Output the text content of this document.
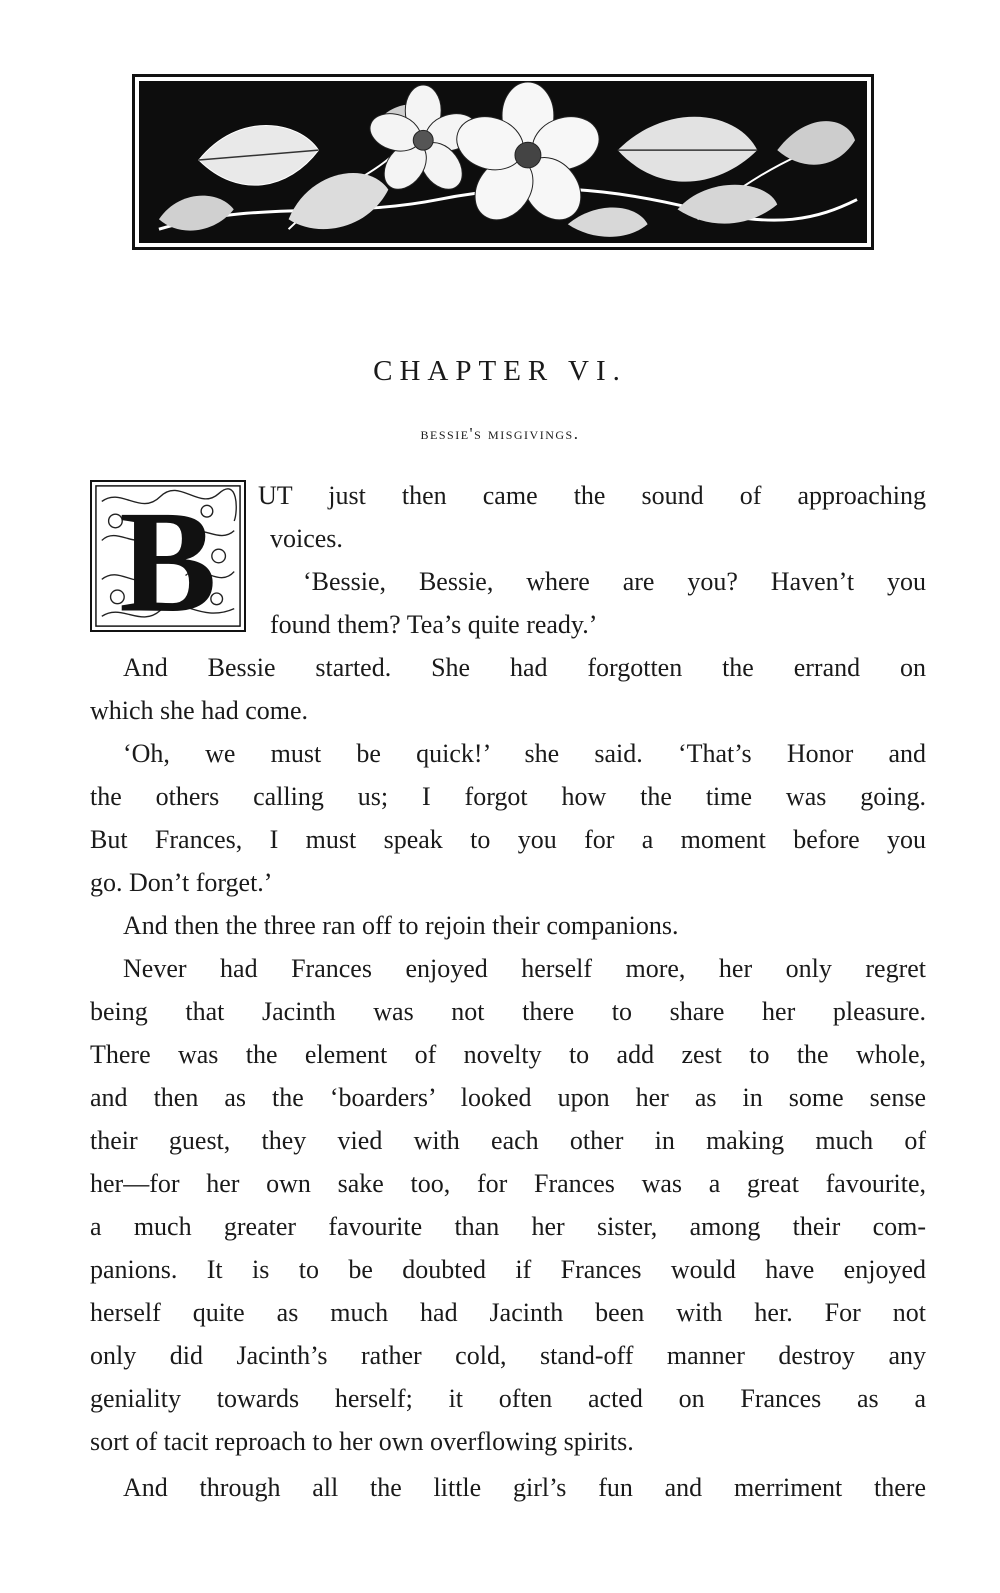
CHAPTER VI.
bessie's misgivings.
B UT just then came the sound of approaching
voices.
‘Bessie, Bessie, where are you? Haven’t you
found them? Tea’s quite ready.’
And Bessie started. She had forgotten the errand on
which she had come.
‘Oh, we must be quick!’ she said. ‘That’s Honor and
the others calling us; I forgot how the time was going.
But Frances, I must speak to you for a moment before you
go. Don’t forget.’
And then the three ran off to rejoin their companions.
Never had Frances enjoyed herself more, her only regret
being that Jacinth was not there to share her pleasure.
There was the element of novelty to add zest to the whole,
and then as the ‘boarders’ looked upon her as in some sense
their guest, they vied with each other in making much of
her—for her own sake too, for Frances was a great favourite,
a much greater favourite than her sister, among their com-
panions. It is to be doubted if Frances would have enjoyed
herself quite as much had Jacinth been with her. For not
only did Jacinth’s rather cold, stand-off manner destroy any
geniality towards herself; it often acted on Frances as a
sort of tacit reproach to her own overflowing spirits.
And through all the little girl’s fun and merriment there
